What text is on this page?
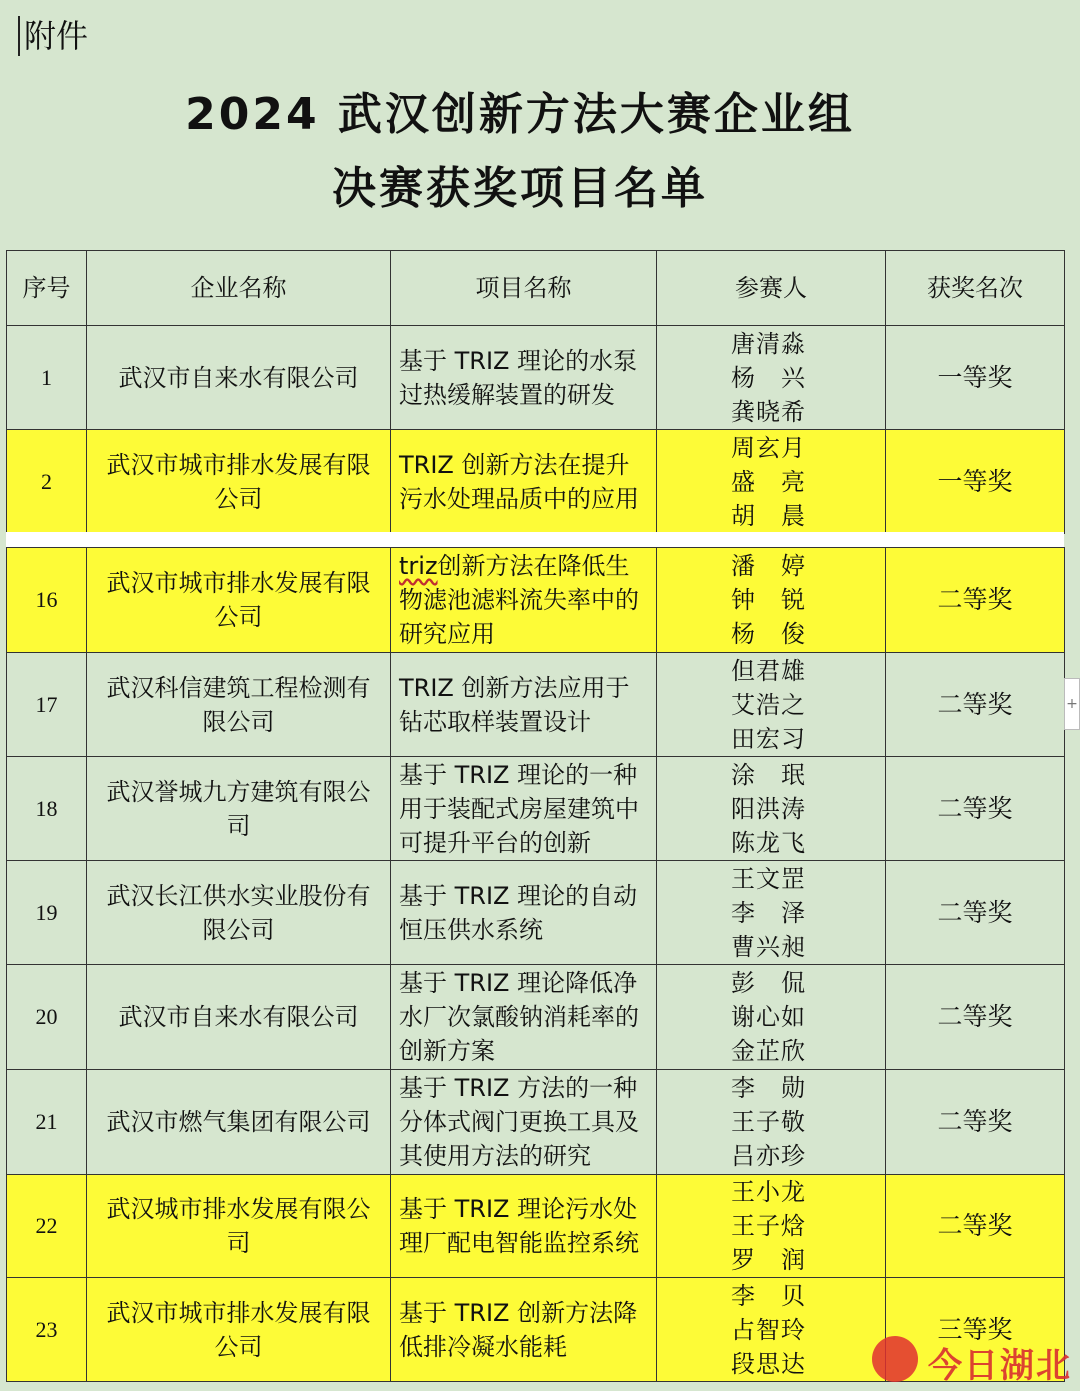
附件
2024 武汉创新方法大赛企业组
决赛获奖项目名单
序号	企业名称	项目名称	参赛人	获奖名次
1	武汉市自来水有限公司	基于 TRIZ 理论的水泵过热缓解装置的研发	唐清淼
杨　兴
龚晓希	一等奖
2	武汉市城市排水发展有限公司	TRIZ 创新方法在提升污水处理品质中的应用	周玄月
盛　亮
胡　晨	一等奖
16	武汉市城市排水发展有限公司	triz创新方法在降低生物滤池滤料流失率中的研究应用	潘　婷
钟　锐
杨　俊	二等奖
17	武汉科信建筑工程检测有限公司	TRIZ 创新方法应用于钻芯取样装置设计	但君雄
艾浩之
田宏习	二等奖
18	武汉誉城九方建筑有限公司	基于 TRIZ 理论的一种用于装配式房屋建筑中可提升平台的创新	涂　珉
阳洪涛
陈龙飞	二等奖
19	武汉长江供水实业股份有限公司	基于 TRIZ 理论的自动恒压供水系统	王文罡
李　泽
曹兴昶	二等奖
20	武汉市自来水有限公司	基于 TRIZ 理论降低净水厂次氯酸钠消耗率的创新方案	彭　侃
谢心如
金芷欣	二等奖
21	武汉市燃气集团有限公司	基于 TRIZ 方法的一种分体式阀门更换工具及其使用方法的研究	李　勋
王子敬
吕亦珍	二等奖
22	武汉城市排水发展有限公司	基于 TRIZ 理论污水处理厂配电智能监控系统	王小龙
王子焓
罗　润	二等奖
23	武汉市城市排水发展有限公司	基于 TRIZ 创新方法降低排冷凝水能耗	李　贝
占智玲
段思达	三等奖
+
今日湖北
